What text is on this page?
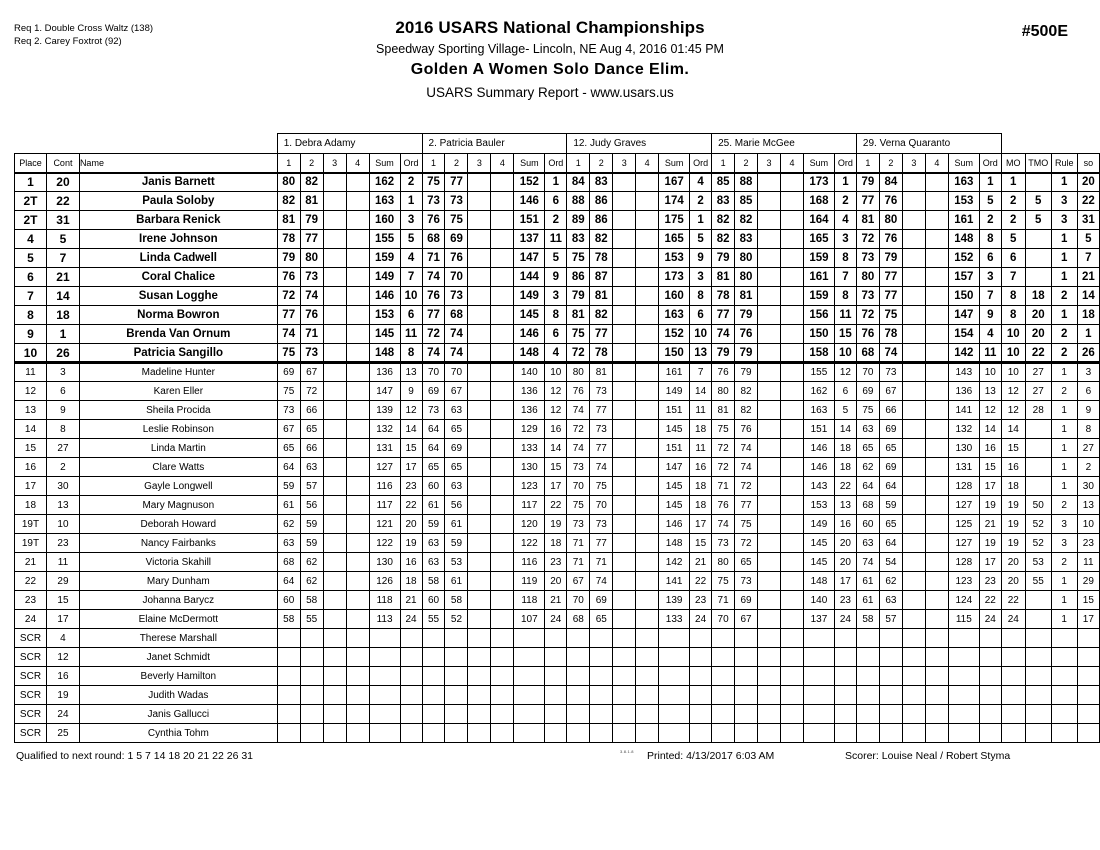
Req 1. Double Cross Waltz (138)
Req 2. Carey Foxtrot (92)
2016 USARS National Championships
Speedway Sporting Village- Lincoln, NE Aug 4, 2016 01:45 PM
Golden A Women Solo Dance Elim.
USARS Summary Report - www.usars.us
#500E
			1. Debra Adamy						2. Patricia Bauler						12. Judy Graves						25. Marie McGee						29. Verna Quaranto									
Place	Cont	Name	1	2	3	4	Sum	Ord	1	2	3	4	Sum	Ord	1	2	3	4	Sum	Ord	1	2	3	4	Sum	Ord	1	2	3	4	Sum	Ord	MO	TMO	Rule	so
1	20	Janis Barnett	80	82			162	2	75	77			152	1	84	83			167	4	85	88			173	1	79	84			163	1	1		1	20
2T	22	Paula Soloby	82	81			163	1	73	73			146	6	88	86			174	2	83	85			168	2	77	76			153	5	2	5	3	22
2T	31	Barbara Renick	81	79			160	3	76	75			151	2	89	86			175	1	82	82			164	4	81	80			161	2	2	5	3	31
4	5	Irene Johnson	78	77			155	5	68	69			137	11	83	82			165	5	82	83			165	3	72	76			148	8	5		1	5
5	7	Linda Cadwell	79	80			159	4	71	76			147	5	75	78			153	9	79	80			159	8	73	79			152	6	6		1	7
6	21	Coral Chalice	76	73			149	7	74	70			144	9	86	87			173	3	81	80			161	7	80	77			157	3	7		1	21
7	14	Susan Logghe	72	74			146	10	76	73			149	3	79	81			160	8	78	81			159	8	73	77			150	7	8	18	2	14
8	18	Norma Bowron	77	76			153	6	77	68			145	8	81	82			163	6	77	79			156	11	72	75			147	9	8	20	1	18
9	1	Brenda Van Ornum	74	71			145	11	72	74			146	6	75	77			152	10	74	76			150	15	76	78			154	4	10	20	2	1
10	26	Patricia Sangillo	75	73			148	8	74	74			148	4	72	78			150	13	79	79			158	10	68	74			142	11	10	22	2	26
11	3	Madeline Hunter	69	67			136	13	70	70			140	10	80	81			161	7	76	79			155	12	70	73			143	10	10	27	1	3
12	6	Karen Eller	75	72			147	9	69	67			136	12	76	73			149	14	80	82			162	6	69	67			136	13	12	27	2	6
13	9	Sheila Procida	73	66			139	12	73	63			136	12	74	77			151	11	81	82			163	5	75	66			141	12	12	28	1	9
14	8	Leslie Robinson	67	65			132	14	64	65			129	16	72	73			145	18	75	76			151	14	63	69			132	14	14		1	8
15	27	Linda Martin	65	66			131	15	64	69			133	14	74	77			151	11	72	74			146	18	65	65			130	16	15		1	27
16	2	Clare Watts	64	63			127	17	65	65			130	15	73	74			147	16	72	74			146	18	62	69			131	15	16		1	2
17	30	Gayle Longwell	59	57			116	23	60	63			123	17	70	75			145	18	71	72			143	22	64	64			128	17	18		1	30
18	13	Mary Magnuson	61	56			117	22	61	56			117	22	75	70			145	18	76	77			153	13	68	59			127	19	19	50	2	13
19T	10	Deborah Howard	62	59			121	20	59	61			120	19	73	73			146	17	74	75			149	16	60	65			125	21	19	52	3	10
19T	23	Nancy Fairbanks	63	59			122	19	63	59			122	18	71	77			148	15	73	72			145	20	63	64			127	19	19	52	3	23
21	11	Victoria Skahill	68	62			130	16	63	53			116	23	71	71			142	21	80	65			145	20	74	54			128	17	20	53	2	11
22	29	Mary Dunham	64	62			126	18	58	61			119	20	67	74			141	22	75	73			148	17	61	62			123	23	20	55	1	29
23	15	Johanna Barycz	60	58			118	21	60	58			118	21	70	69			139	23	71	69			140	23	61	63			124	22	22		1	15
24	17	Elaine McDermott	58	55			113	24	55	52			107	24	68	65			133	24	70	67			137	24	58	57			115	24	24		1	17
SCR	4	Therese Marshall																																		
SCR	12	Janet Schmidt																																		
SCR	16	Beverly Hamilton																																		
SCR	19	Judith Wadas																																		
SCR	24	Janis Gallucci																																		
SCR	25	Cynthia Tohm																																		
Qualified to next round: 1 5 7 14 18 20 21 22 26 31	3.8.1.8 Printed: 4/13/2017 6:03 AM	Scorer: Louise Neal / Robert Styma
